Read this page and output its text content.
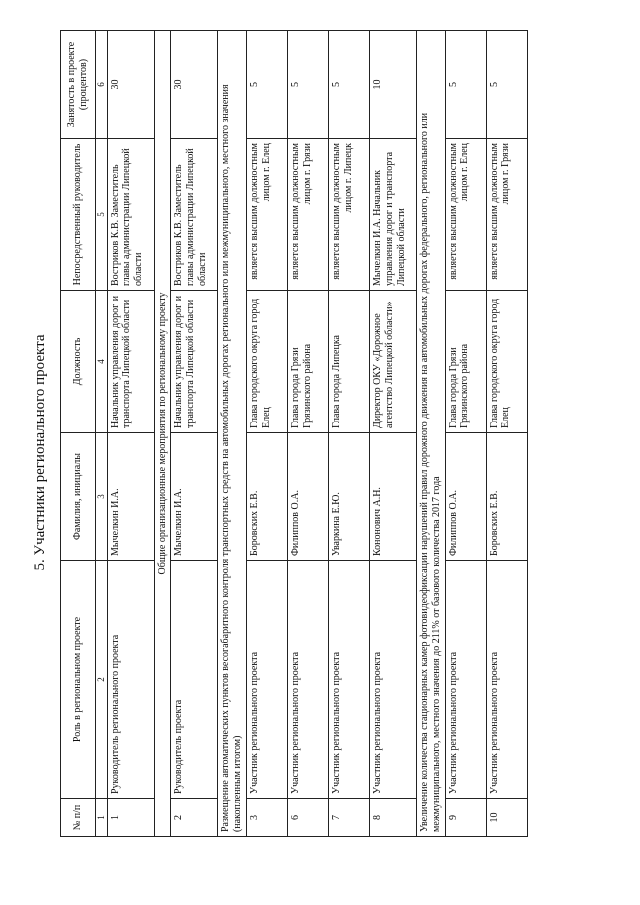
5. Участники регионального проекта
№ п/п	Роль в региональном проекте	Фамилия, инициалы	Должность	Непосредственный руководитель	Занятость в проекте (процентов)
1	2	3	4	5	6
1	Руководитель регионального проекта	Мычелкин И.А.	Начальник управления дорог и транспорта Липецкой области	Востриков К.В. Заместитель главы администрации Липецкой области	30
Общие организационные мероприятия по региональному проекту					
2	Руководитель проекта	Мычелкин И.А.	Начальник управления дорог и транспорта Липецкой области	Востриков К.В. Заместитель главы администрации Липецкой области	30
Размещение автоматических пунктов весогабаритного контроля транспортных средств на автомобильных дорогах регионального или межмуниципального, местного значения (накопленным итогом)					
3	Участник регионального проекта	Боровских Е.В.	Глава городского округа город Елец	является высшим должностным лицом г. Елец	5
6	Участник регионального проекта	Филиппов О.А.	Глава города Грязи Грязинского района	является высшим должностным лицом г. Грязи	5
7	Участник регионального проекта	Уваркина Е.Ю.	Глава города Липецка	является высшим должностным лицом г. Липецк	5
8	Участник регионального проекта	Кононович А.Н.	Директор ОКУ «Дорожное агентство Липецкой области»	Мычелкин И.А. Начальник управления дорог и транспорта Липецкой области	10
Увеличение количества стационарных камер фотовидеофиксации нарушений правил дорожного движения на автомобильных дорогах федерального, регионального или межмуниципального, местного значения до 211% от базового количества 2017 года					
9	Участник регионального проекта	Филиппов О.А.	Глава города Грязи Грязинского района	является высшим должностным лицом г. Елец	5
10	Участник регионального проекта	Боровских Е.В.	Глава городского округа город Елец	является высшим должностным лицом г. Грязи	5
